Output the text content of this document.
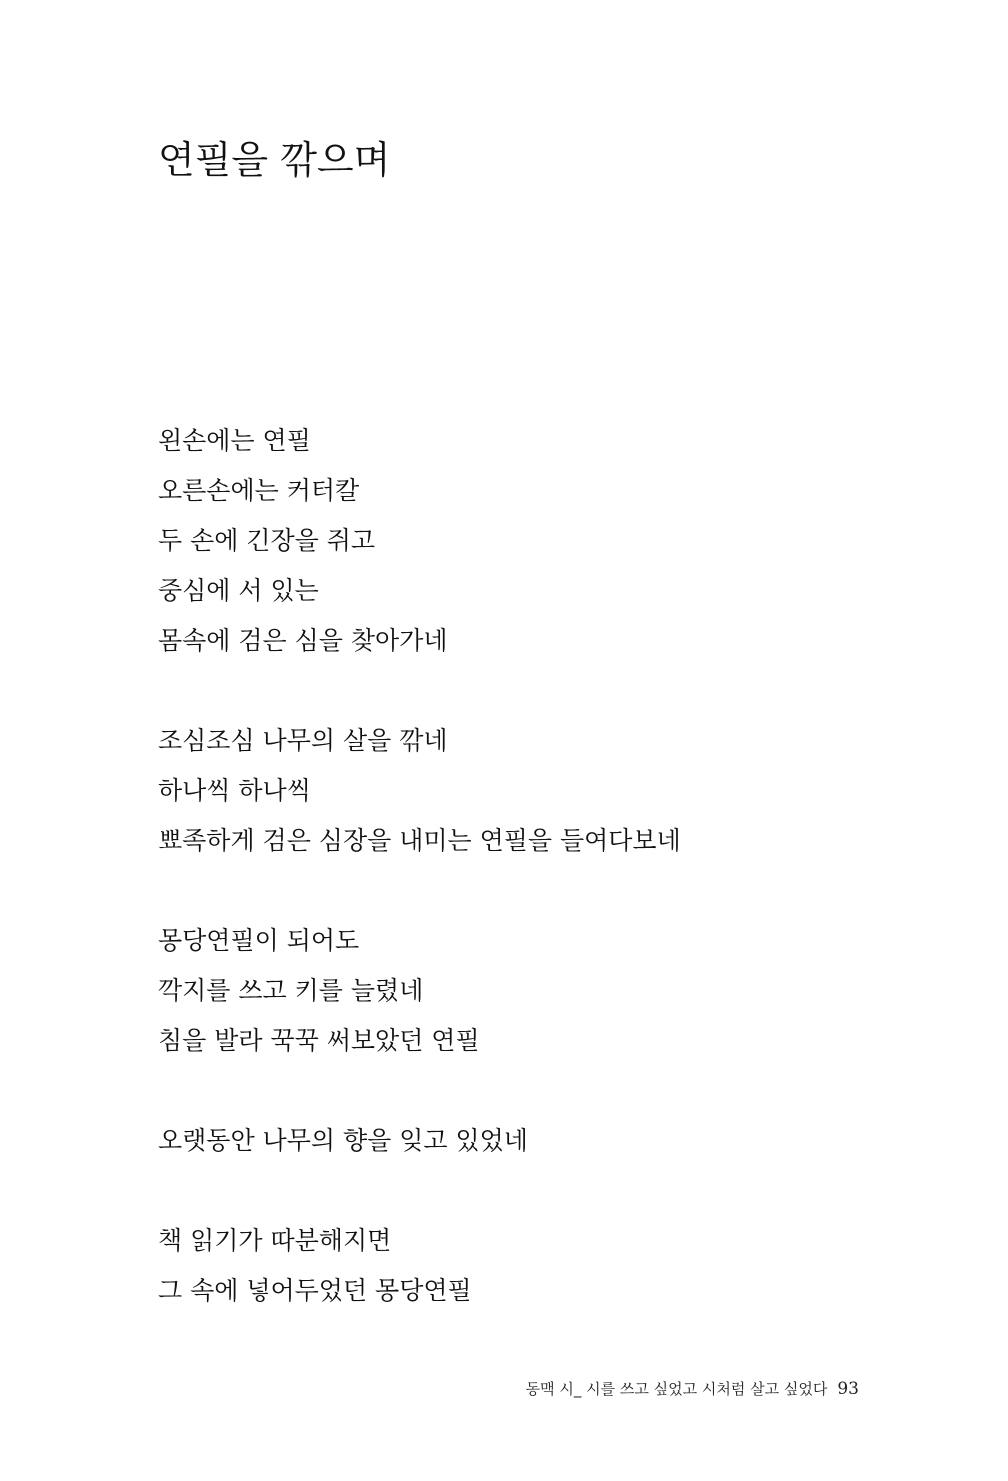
연필을 깎으며
왼손에는 연필
오른손에는 커터칼
두 손에 긴장을 쥐고
중심에 서 있는
몸속에 검은 심을 찾아가네
조심조심 나무의 살을 깎네
하나씩 하나씩
뾰족하게 검은 심장을 내미는 연필을 들여다보네
몽당연필이 되어도
깍지를 쓰고 키를 늘렸네
침을 발라 꾹꾹 써보았던 연필
오랫동안 나무의 향을 잊고 있었네
책 읽기가 따분해지면
그 속에 넣어두었던 몽당연필
동맥 시_ 시를 쓰고 싶었고 시처럼 살고 싶었다 93
